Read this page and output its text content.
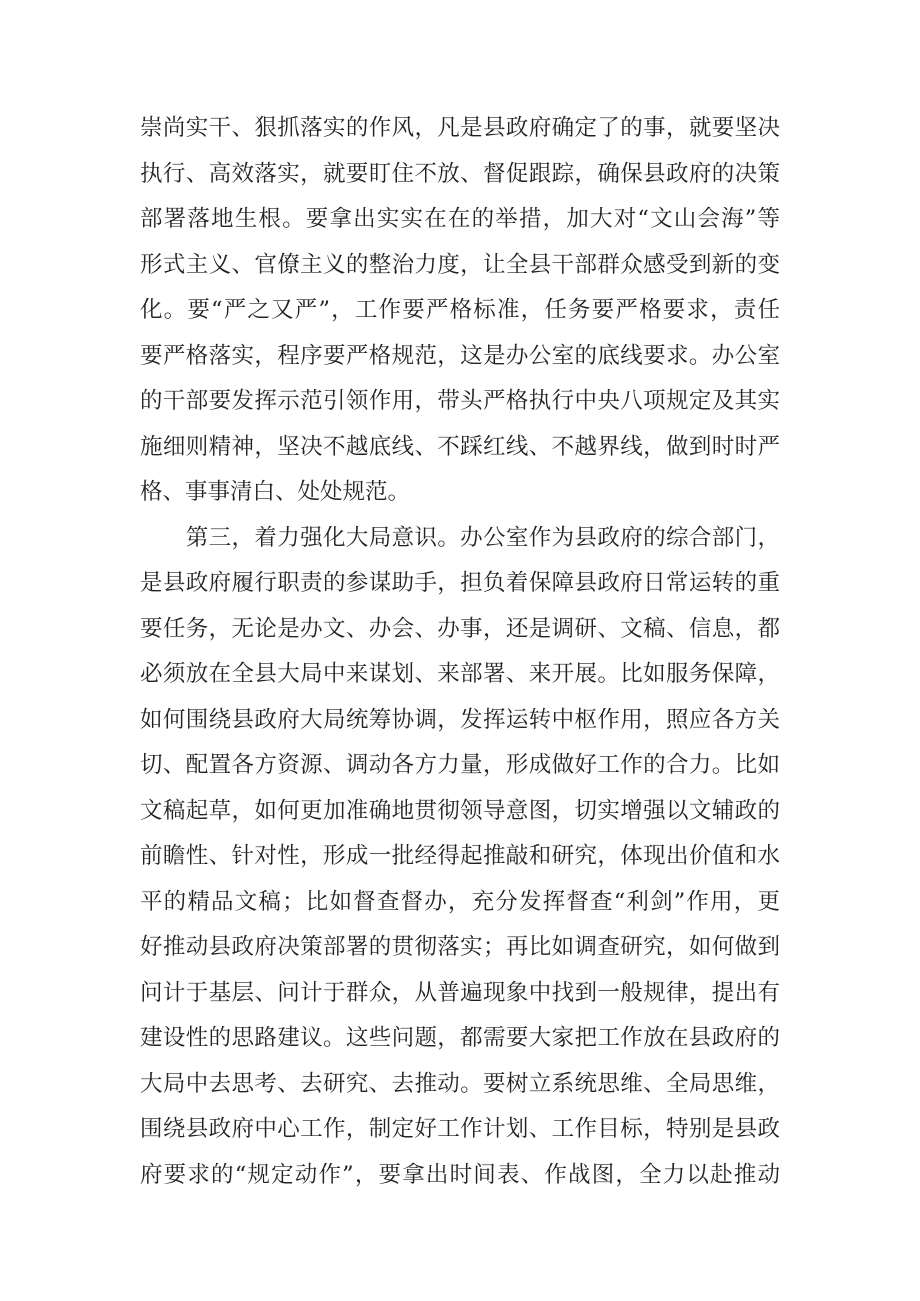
崇尚实干、狠抓落实的作风，凡是县政府确定了的事，就要坚决
执行、高效落实，就要盯住不放、督促跟踪，确保县政府的决策
部署落地生根。要拿出实实在在的举措，加大对“文山会海”等
形式主义、官僚主义的整治力度，让全县干部群众感受到新的变
化。要“严之又严”，工作要严格标准，任务要严格要求，责任
要严格落实，程序要严格规范，这是办公室的底线要求。办公室
的干部要发挥示范引领作用，带头严格执行中央八项规定及其实
施细则精神，坚决不越底线、不踩红线、不越界线，做到时时严
格、事事清白、处处规范。
　　第三，着力强化大局意识。办公室作为县政府的综合部门，
是县政府履行职责的参谋助手，担负着保障县政府日常运转的重
要任务，无论是办文、办会、办事，还是调研、文稿、信息，都
必须放在全县大局中来谋划、来部署、来开展。比如服务保障，
如何围绕县政府大局统筹协调，发挥运转中枢作用，照应各方关
切、配置各方资源、调动各方力量，形成做好工作的合力。比如
文稿起草，如何更加准确地贯彻领导意图，切实增强以文辅政的
前瞻性、针对性，形成一批经得起推敲和研究，体现出价值和水
平的精品文稿；比如督查督办，充分发挥督查“利剑”作用，更
好推动县政府决策部署的贯彻落实；再比如调查研究，如何做到
问计于基层、问计于群众，从普遍现象中找到一般规律，提出有
建设性的思路建议。这些问题，都需要大家把工作放在县政府的
大局中去思考、去研究、去推动。要树立系统思维、全局思维，
围绕县政府中心工作，制定好工作计划、工作目标，特别是县政
府要求的“规定动作”，要拿出时间表、作战图，全力以赴推动
